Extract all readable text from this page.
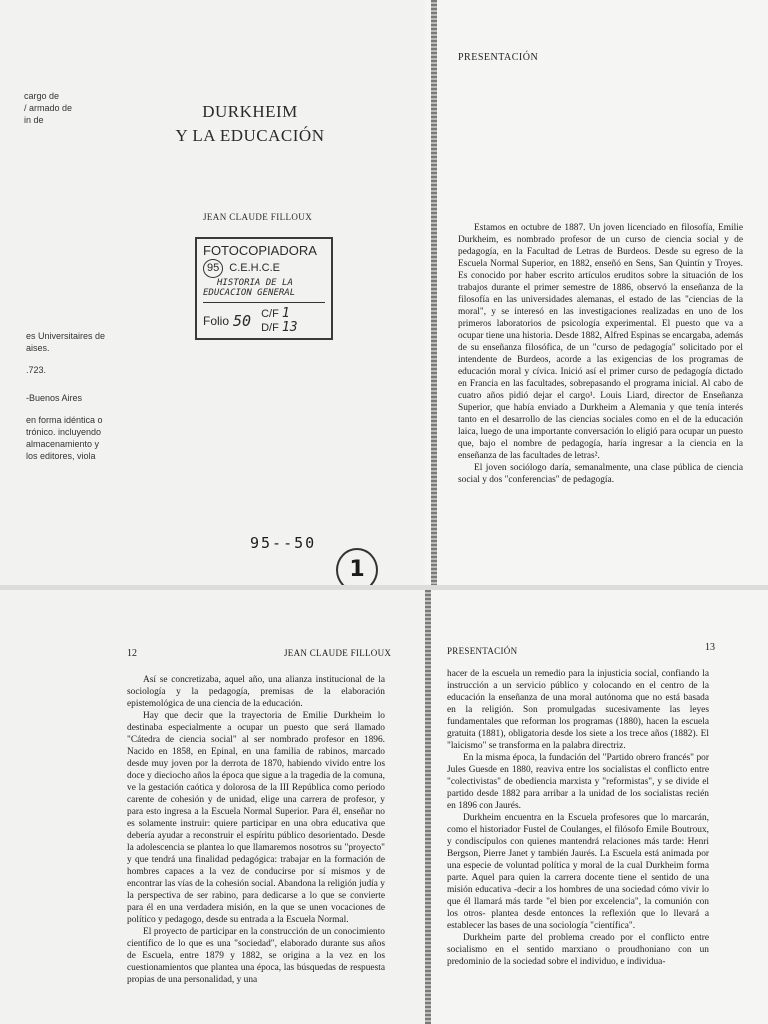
cargo de
/ armado de
in de	DURKHEIM
Y LA EDUCACIÓN
JEAN CLAUDE FILLOUX
FOTOCOPIADORA
95 C.E.H.C.E
HISTORIA DE LA
EDUCACION GENERAL
Folio 50 C/F 1
D/F 13
es Universitaires de
aises.
.723.
-Buenos Aires
en forma idéntica o
trónico. incluyendo
almacenamiento y
los editores, viola
95--50
1
PRESENTACIÓN

Estamos en octubre de 1887. Un joven licenciado en filosofía, Emilie Durkheim, es nombrado profesor de un curso de ciencia social y de pedagogía, en la Facultad de Letras de Burdeos. Desde su egreso de la Escuela Normal Superior, en 1882, enseñó en Sens, San Quintín y Troyes. Es conocido por haber escrito artículos eruditos sobre la situación de los trabajos durante el primer semestre de 1886, observó la enseñanza de la filosofía en las universidades alemanas, el estado de las "ciencias de la moral", y se interesó en las investigaciones realizadas en uno de los primeros laboratorios de psicología experimental. El puesto que va a ocupar tiene una historia. Desde 1882, Alfred Espinas se encargaba, además de su enseñanza filosófica, de un "curso de pedagogía" solicitado por el intendente de Burdeos, acorde a las exigencias de los programas de educación moral y cívica. Inició así el primer curso de pedagogía dictado en Francia en las facultades, sobrepasando el programa inicial. Al cabo de cuatro años pidió dejar el cargo¹. Louis Liard, director de Enseñanza Superior, que había enviado a Durkheim a Alemania y que tenía interés tanto en el desarrollo de las ciencias sociales como en el de la educación laica, luego de una importante conversación lo eligió para ocupar un puesto que, bajo el nombre de pedagogía, haría ingresar a la ciencia en la enseñanza de las facultades de letras².

El joven sociólogo daría, semanalmente, una clase pública de ciencia social y dos "conferencias" de pedagogía.

12	JEAN CLAUDE FILLOUX

Así se concretizaba, aquel año, una alianza institucional de la sociología y la pedagogía, premisas de la elaboración epistemológica de una ciencia de la educación.

Hay que decir que la trayectoria de Emilie Durkheim lo destinaba especialmente a ocupar un puesto que será llamado "Cátedra de ciencia social" al ser nombrado profesor en 1896. Nacido en 1858, en Epinal, en una familia de rabinos, marcado desde muy joven por la derrota de 1870, habiendo vivido entre los doce y dieciocho años la época que sigue a la tragedia de la comuna, ve la gestación caótica y dolorosa de la III República como periodo carente de cohesión y de unidad, elige una carrera de profesor, y para esto ingresa a la Escuela Normal Superior. Para él, enseñar no es solamente instruir: quiere participar en una obra educativa que debería ayudar a reconstruir el espíritu público desorientado. Desde la adolescencia se plantea lo que llamaremos nosotros su "proyecto" y que tendrá una finalidad pedagógica: trabajar en la formación de hombres capaces a la vez de conducirse por sí mismos y de encontrar las vías de la cohesión social. Abandona la religión judía y la perspectiva de ser rabino, para dedicarse a lo que se convierte para él en una verdadera misión, en la que se unen vocaciones de político y pedagogo, desde su entrada a la Escuela Normal.

El proyecto de participar en la construcción de un conocimiento científico de lo que es una "sociedad", elaborado durante sus años de Escuela, entre 1879 y 1882, se origina a la vez en los cuestionamientos que plantea una época, las búsquedas de respuesta propias de una personalidad, y una

PRESENTACIÓN	13

hacer de la escuela un remedio para la injusticia social, confiando la instrucción a un servicio público y colocando en el centro de la educación la enseñanza de una moral autónoma que no está basada en la religión. Son promulgadas sucesivamente las leyes fundamentales que reforman los programas (1880), hacen la escuela gratuita (1881), obligatoria desde los siete a los trece años (1882). El "laicismo" se transforma en la palabra directriz.

En la misma época, la fundación del "Partido obrero francés" por Jules Guesde en 1880, reaviva entre los socialistas el conflicto entre "colectivistas" de obediencia marxista y "reformistas", y se divide el partido desde 1882 para arribar a la unidad de los socialistas recién en 1896 con Jaurés.

Durkheim encuentra en la Escuela profesores que lo marcarán, como el historiador Fustel de Coulanges, el filósofo Emile Boutroux, y condiscípulos con quienes mantendrá relaciones más tarde: Henri Bergson, Pierre Janet y también Jaurés. La Escuela está animada por una especie de voluntad política y moral de la cual Durkheim forma parte. Aquel para quien la carrera docente tiene el sentido de una misión educativa -decir a los hombres de una sociedad cómo vivir lo que él llamará más tarde "el bien por excelencia", la comunión con los otros- plantea desde entonces la reflexión que lo llevará a establecer las bases de una sociología "científica".

Durkheim parte del problema creado por el conflicto entre socialismo en el sentido marxiano o proudhoniano con un predominio de la sociedad sobre el individuo, e individua-
